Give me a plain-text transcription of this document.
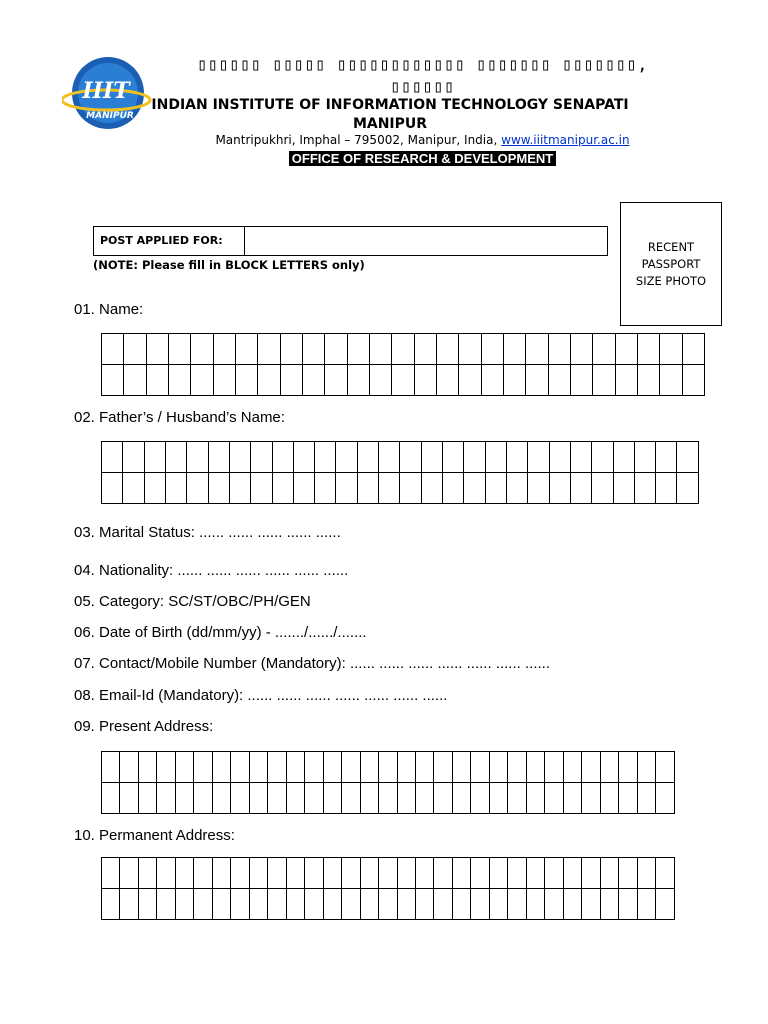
IIIT
MANIPUR
▯▯▯▯▯▯ ▯▯▯▯▯ ▯▯▯▯▯▯▯▯▯▯▯▯ ▯▯▯▯▯▯▯ ▯▯▯▯▯▯▯,
▯▯▯▯▯▯
INDIAN INSTITUTE OF INFORMATION TECHNOLOGY SENAPATI
MANIPUR
Mantripukhri, Imphal – 795002, Manipur, India, www.iiitmanipur.ac.in
OFFICE OF RESEARCH & DEVELOPMENT
POST APPLIED FOR:
(NOTE: Please fill in BLOCK LETTERS only)
RECENT
PASSPORT
SIZE PHOTO
01. Name:
02. Father’s / Husband’s Name:
03. Marital Status: ...... ...... ...... ...... ......
04. Nationality: ...... ...... ...... ...... ...... ......
05. Category: SC/ST/OBC/PH/GEN
06. Date of Birth (dd/mm/yy) - ......./....../.......
07. Contact/Mobile Number (Mandatory): ...... ...... ...... ...... ...... ...... ......
08. Email-Id (Mandatory): ...... ...... ...... ...... ...... ...... ......
09. Present Address:
10. Permanent Address:
